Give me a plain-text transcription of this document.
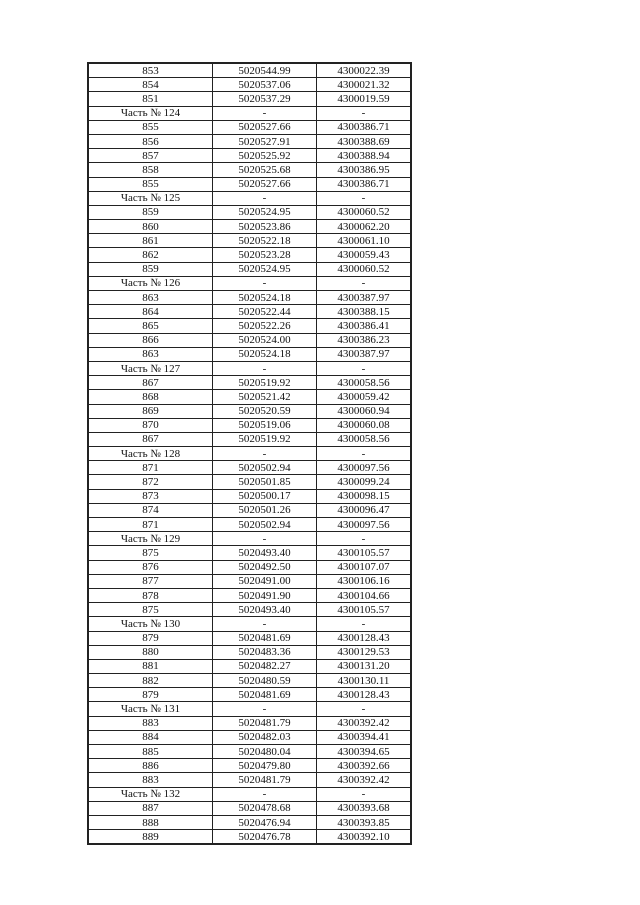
853	5020544.99	4300022.39
854	5020537.06	4300021.32
851	5020537.29	4300019.59
Часть № 124	-	-
855	5020527.66	4300386.71
856	5020527.91	4300388.69
857	5020525.92	4300388.94
858	5020525.68	4300386.95
855	5020527.66	4300386.71
Часть № 125	-	-
859	5020524.95	4300060.52
860	5020523.86	4300062.20
861	5020522.18	4300061.10
862	5020523.28	4300059.43
859	5020524.95	4300060.52
Часть № 126	-	-
863	5020524.18	4300387.97
864	5020522.44	4300388.15
865	5020522.26	4300386.41
866	5020524.00	4300386.23
863	5020524.18	4300387.97
Часть № 127	-	-
867	5020519.92	4300058.56
868	5020521.42	4300059.42
869	5020520.59	4300060.94
870	5020519.06	4300060.08
867	5020519.92	4300058.56
Часть № 128	-	-
871	5020502.94	4300097.56
872	5020501.85	4300099.24
873	5020500.17	4300098.15
874	5020501.26	4300096.47
871	5020502.94	4300097.56
Часть № 129	-	-
875	5020493.40	4300105.57
876	5020492.50	4300107.07
877	5020491.00	4300106.16
878	5020491.90	4300104.66
875	5020493.40	4300105.57
Часть № 130	-	-
879	5020481.69	4300128.43
880	5020483.36	4300129.53
881	5020482.27	4300131.20
882	5020480.59	4300130.11
879	5020481.69	4300128.43
Часть № 131	-	-
883	5020481.79	4300392.42
884	5020482.03	4300394.41
885	5020480.04	4300394.65
886	5020479.80	4300392.66
883	5020481.79	4300392.42
Часть № 132	-	-
887	5020478.68	4300393.68
888	5020476.94	4300393.85
889	5020476.78	4300392.10
